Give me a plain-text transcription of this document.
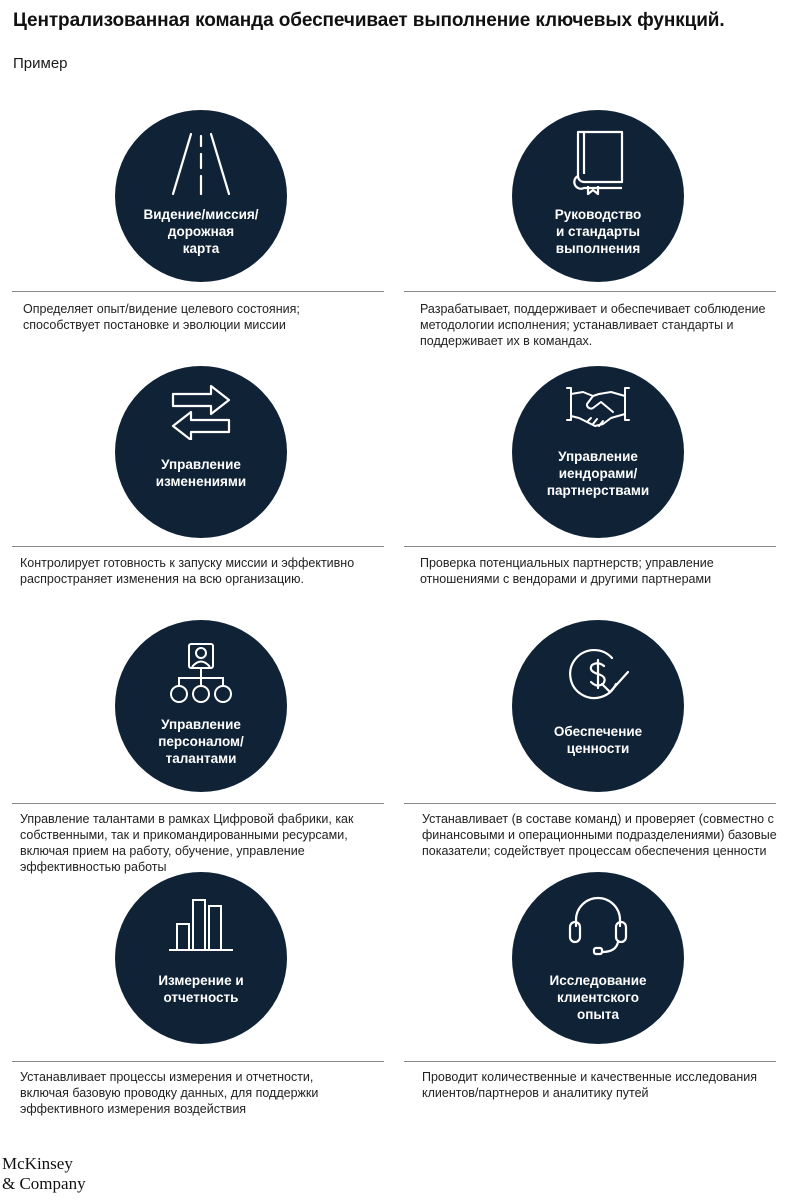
Централизованная команда обеспечивает выполнение ключевых функций.
Пример
Видение/миссия/
дорожная
карта
Руководство
и стандарты
выполнения
Определяет опыт/видение целевого состояния; способствует постановке и эволюции миссии
Разрабатывает, поддерживает и обеспечивает соблюдение методологии исполнения; устанавливает стандарты и поддерживает их в командах.
Управление
изменениями
Управление
иендорами/
партнерствами
Контролирует готовность к запуску миссии и эффективно распространяет изменения на всю организацию.
Проверка потенциальных партнерств; управление отношениями с вендорами и другими партнерами
Управление
персоналом/
талантами
Обеспечение
ценности
Управление талантами в рамках Цифровой фабрики, как собственными, так и прикомандированными ресурсами, включая прием на работу, обучение, управление эффективностью работы
Устанавливает (в составе команд) и проверяет (совместно с финансовыми и операционными подразделениями) базовые показатели; содействует процессам обеспечения ценности
Измерение и
отчетность
Исследование
клиентского
опыта
Устанавливает процессы измерения и отчетности, включая базовую проводку данных, для поддержки эффективного измерения воздействия
Проводит количественные и качественные исследования клиентов/партнеров и аналитику путей
McKinsey
& Company
